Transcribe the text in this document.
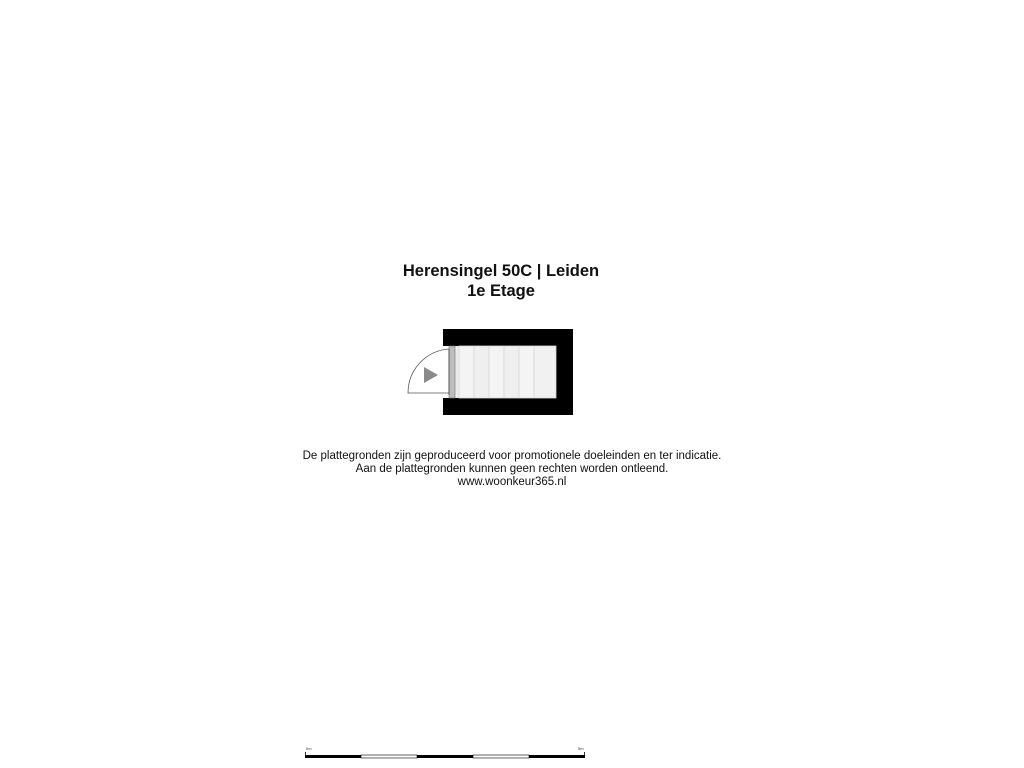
Herensingel 50C | Leiden
1e Etage
De plattegronden zijn geproduceerd voor promotionele doeleinden en ter indicatie.
Aan de plattegronden kunnen geen rechten worden ontleend.
www.woonkeur365.nl
0m	5m
